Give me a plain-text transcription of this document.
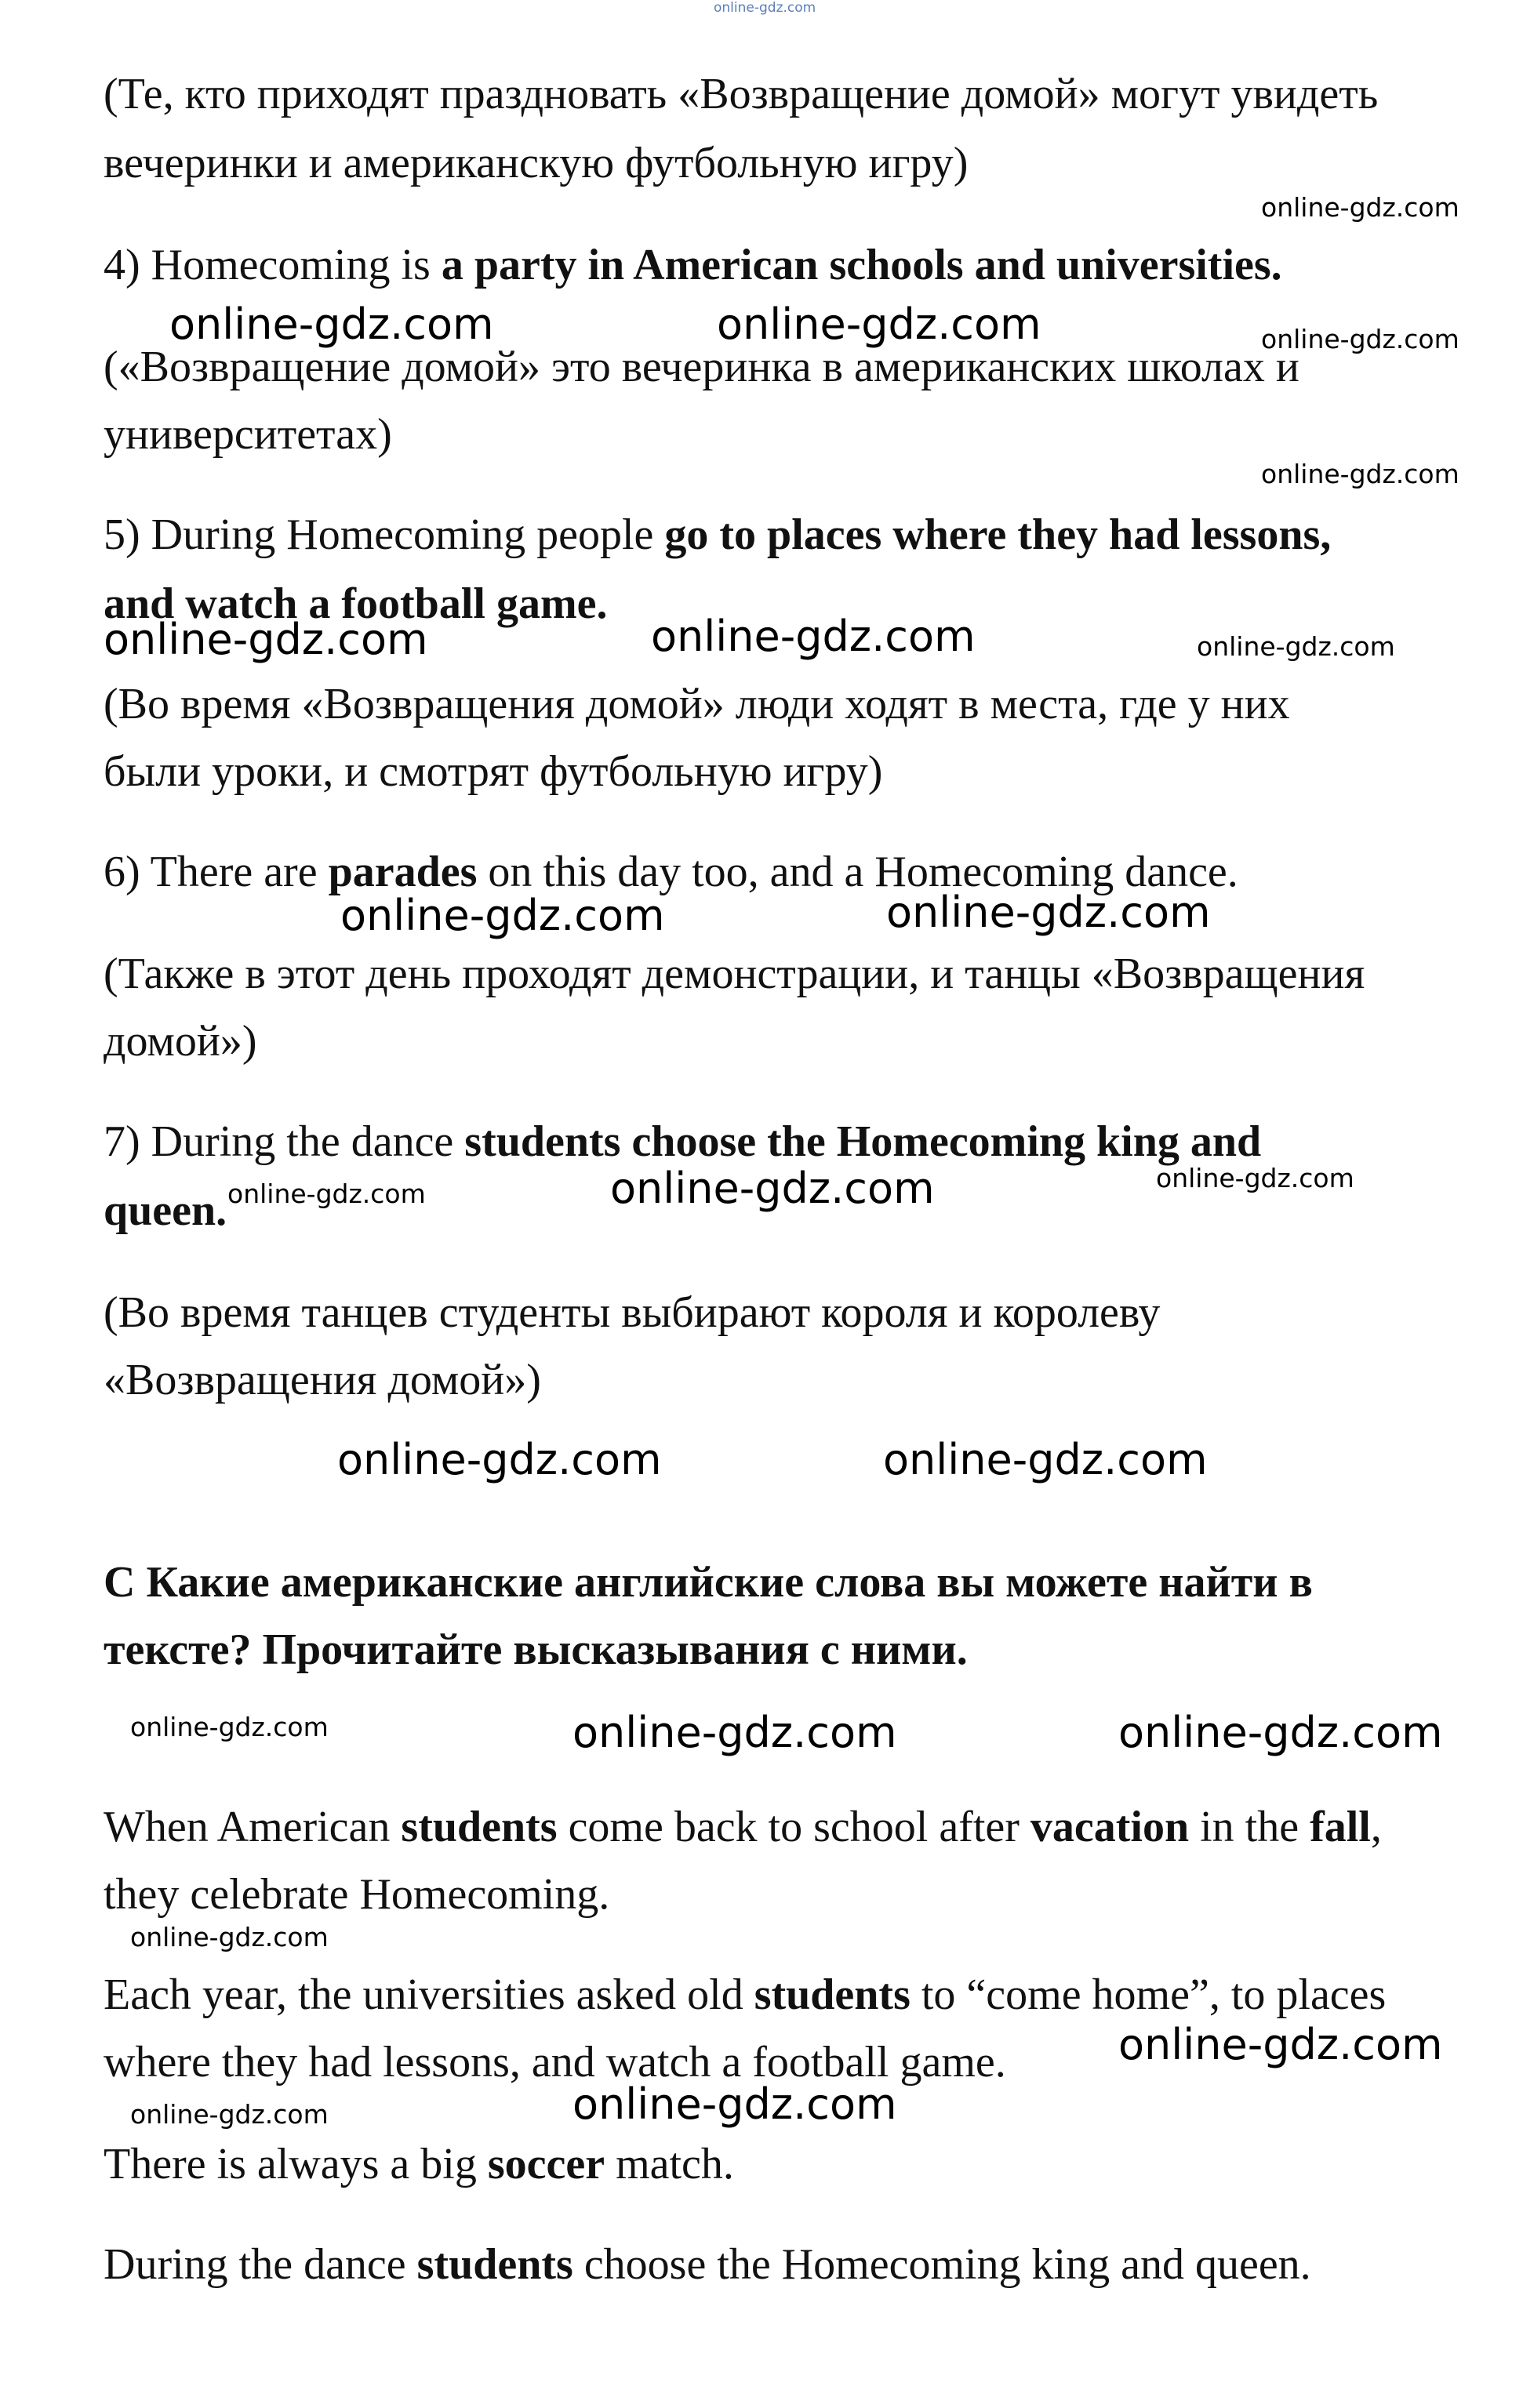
(Те, кто приходят праздновать «Возвращение домой» могут увидеть
вечеринки и американскую футбольную игру)
4) Homecoming is a party in American schools and universities.
(«Возвращение домой» это вечеринка в американских школах и
университетах)
5) During Homecoming people go to places where they had lessons,
and watch a football game.
(Во время «Возвращения домой» люди ходят в места, где у них
были уроки, и смотрят футбольную игру)
6) There are parades on this day too, and a Homecoming dance.
(Также в этот день проходят демонстрации, и танцы «Возвращения
домой»)
7) During the dance students choose the Homecoming king and
queen.
(Во время танцев студенты выбирают короля и королеву
«Возвращения домой»)
C Какие американские английские слова вы можете найти в
тексте? Прочитайте высказывания с ними.
When American students come back to school after vacation in the fall,
they celebrate Homecoming.
Each year, the universities asked old students to “come home”, to places
where they had lessons, and watch a football game.
There is always a big soccer match.
During the dance students choose the Homecoming king and queen.
online-gdz.com
online-gdz.com
online-gdz.com	online-gdz.com	online-gdz.com
online-gdz.com
online-gdz.com	online-gdz.com	online-gdz.com
online-gdz.com	online-gdz.com
online-gdz.com	online-gdz.com	online-gdz.com
online-gdz.com	online-gdz.com
online-gdz.com	online-gdz.com	online-gdz.com
online-gdz.com
online-gdz.com
online-gdz.com
online-gdz.com
